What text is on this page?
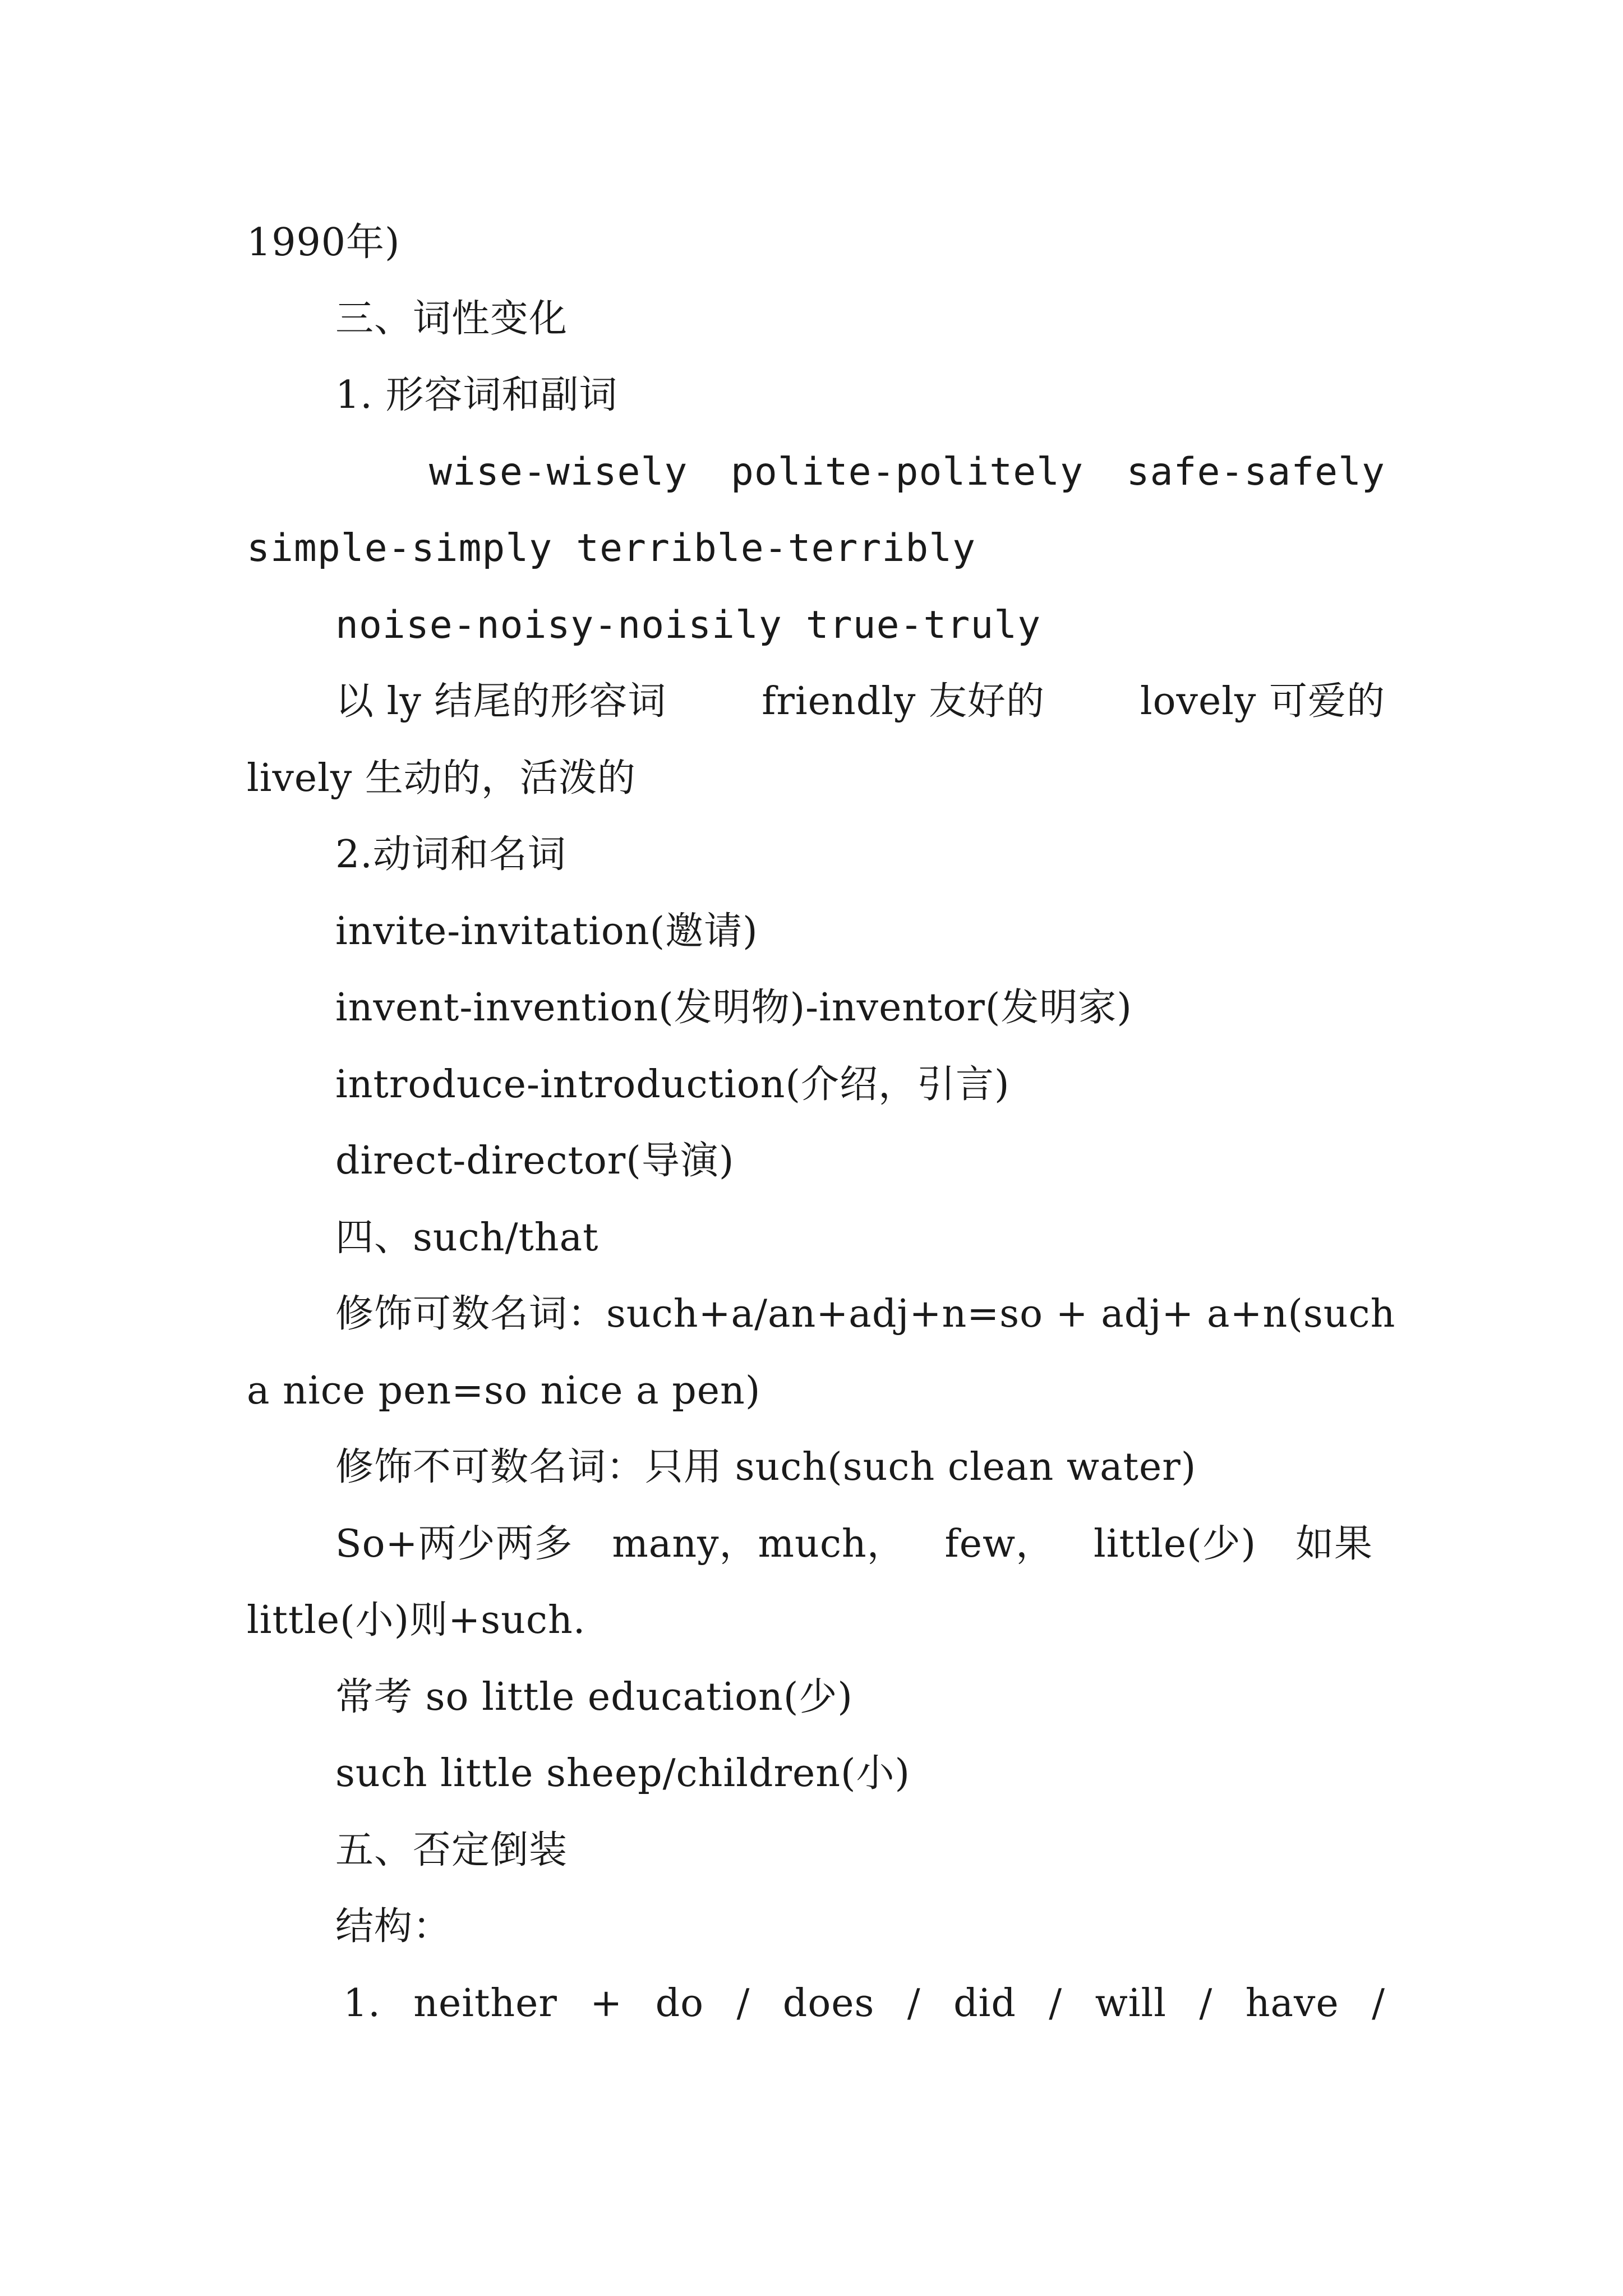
1990年)
三、词性变化
1. 形容词和副词
wise-wisely polite-politely safe-safely
simple-simply terrible-terribly
noise-noisy-noisily true-truly
以 ly 结尾的形容词 friendly 友好的 lovely 可爱的
lively 生动的，活泼的
2.动词和名词
invite-invitation(邀请)
invent-invention(发明物)-inventor(发明家)
introduce-introduction(介绍，引言)
direct-director(导演)
四、such/that
修饰可数名词：such+a/an+adj+n=so + adj+ a+n(such
a nice pen=so nice a pen)
修饰不可数名词：只用 such(such clean water)
So+两少两多 many，much， few， little(少) 如果
little(小)则+such.
常考 so little education(少)
such little sheep/children(小)
五、否定倒装
结构：
1. neither + do / does / did / will / have /
